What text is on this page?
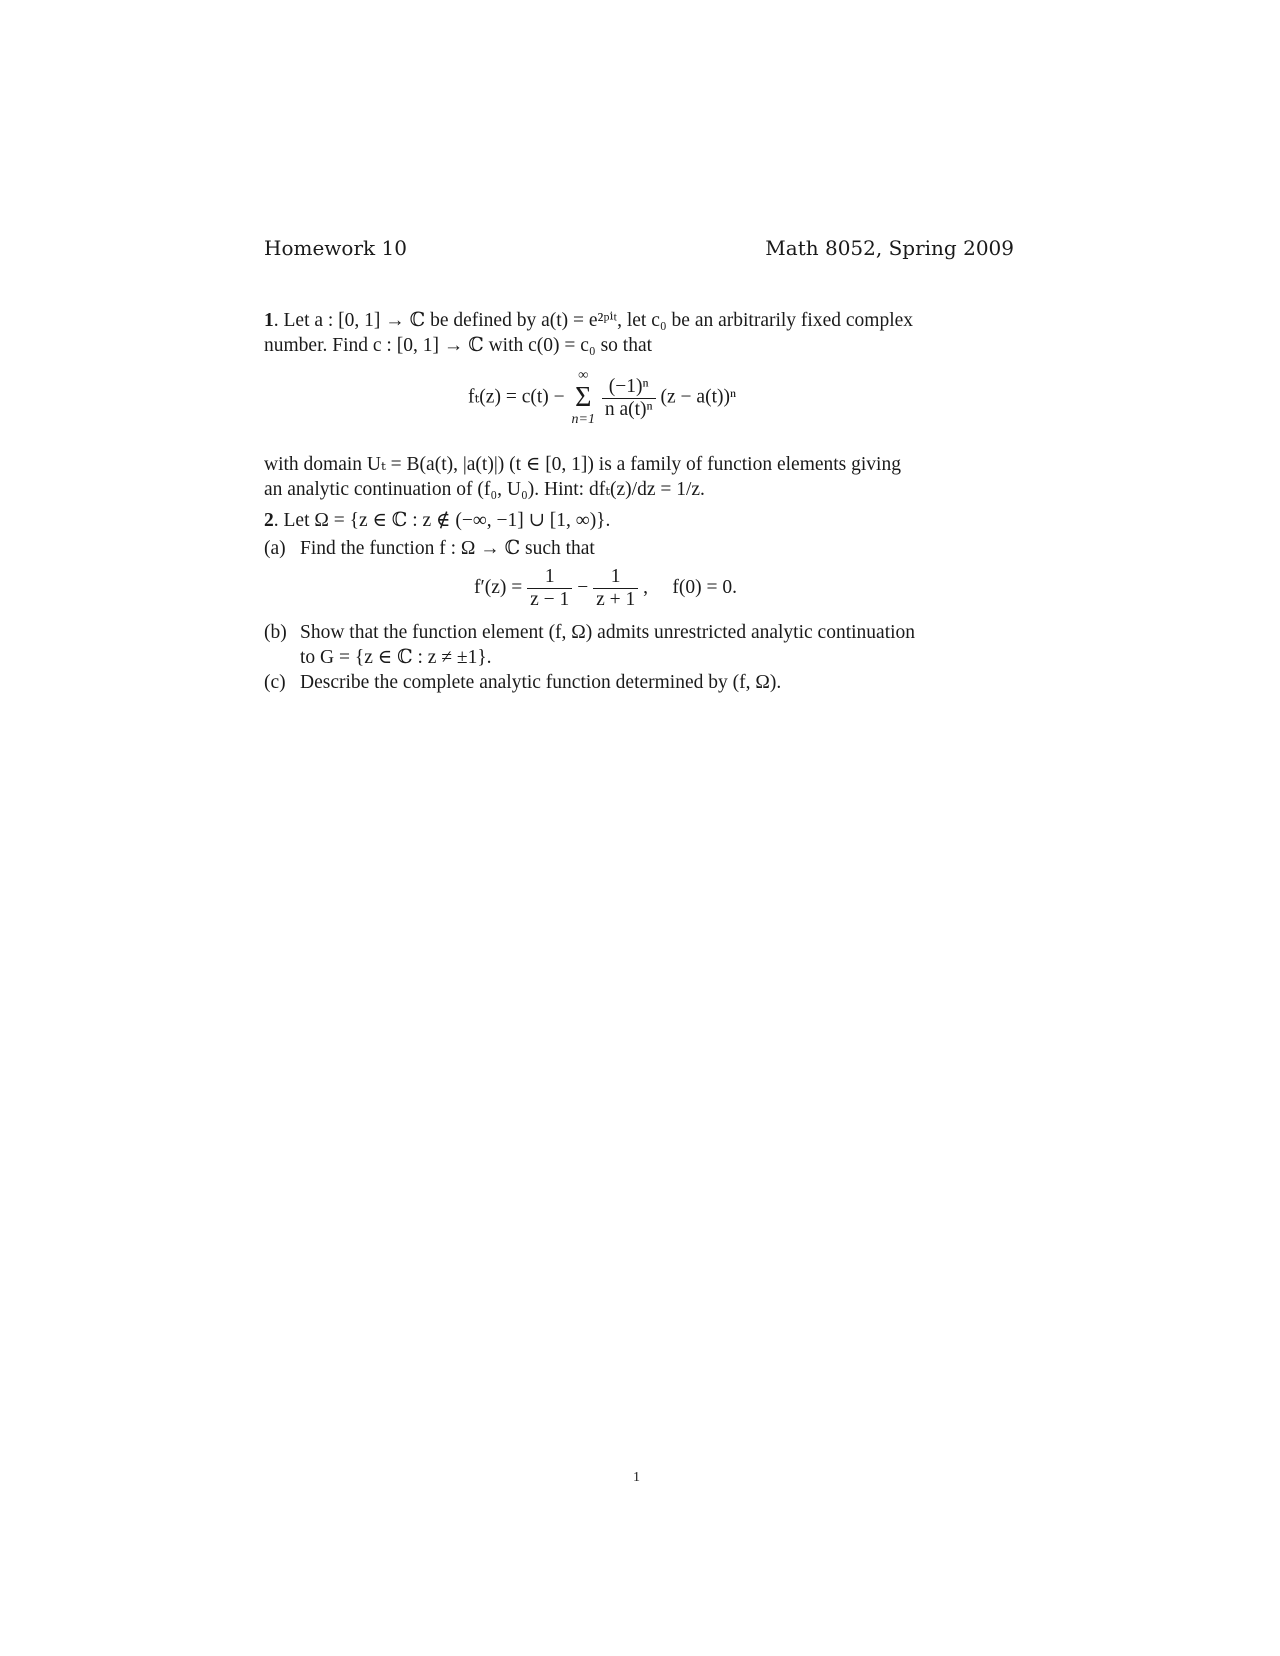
Homework 10	Math 8052, Spring 2009

1. Let a : [0, 1] → ℂ be defined by a(t) = e²ᵖⁱᵗ, let c₀ be an arbitrarily fixed complex

number. Find c : [0, 1] → ℂ with c(0) = c₀ so that

fₜ(z) = c(t) −
∞
Σ
n=1
$\frac{\text{(−1)ⁿ}}{\text{n a(t)ⁿ}} (z - a(t))^n$

with domain Uₜ = B(a(t), |a(t)|) (t ∈ [0, 1]) is a family of function elements giving

an analytic continuation of (f₀, U₀). Hint: dfₜ(z)/dz = 1/z.

2. Let Ω = {z ∈ ℂ : z ∉ (−∞, −1] ∪ [1, ∞)}.

(a) Find the function f : Ω → ℂ such that
$f'(z) = \frac{1}{z - 1} - \frac{1}{z + 1}$ ,     f(0) = 0.
(b) Show that the function element (f, Ω) admits unrestricted analytic continuation
to G = {z ∈ ℂ : z ≠ ±1}.
(c) Describe the complete analytic function determined by (f, Ω).
1
